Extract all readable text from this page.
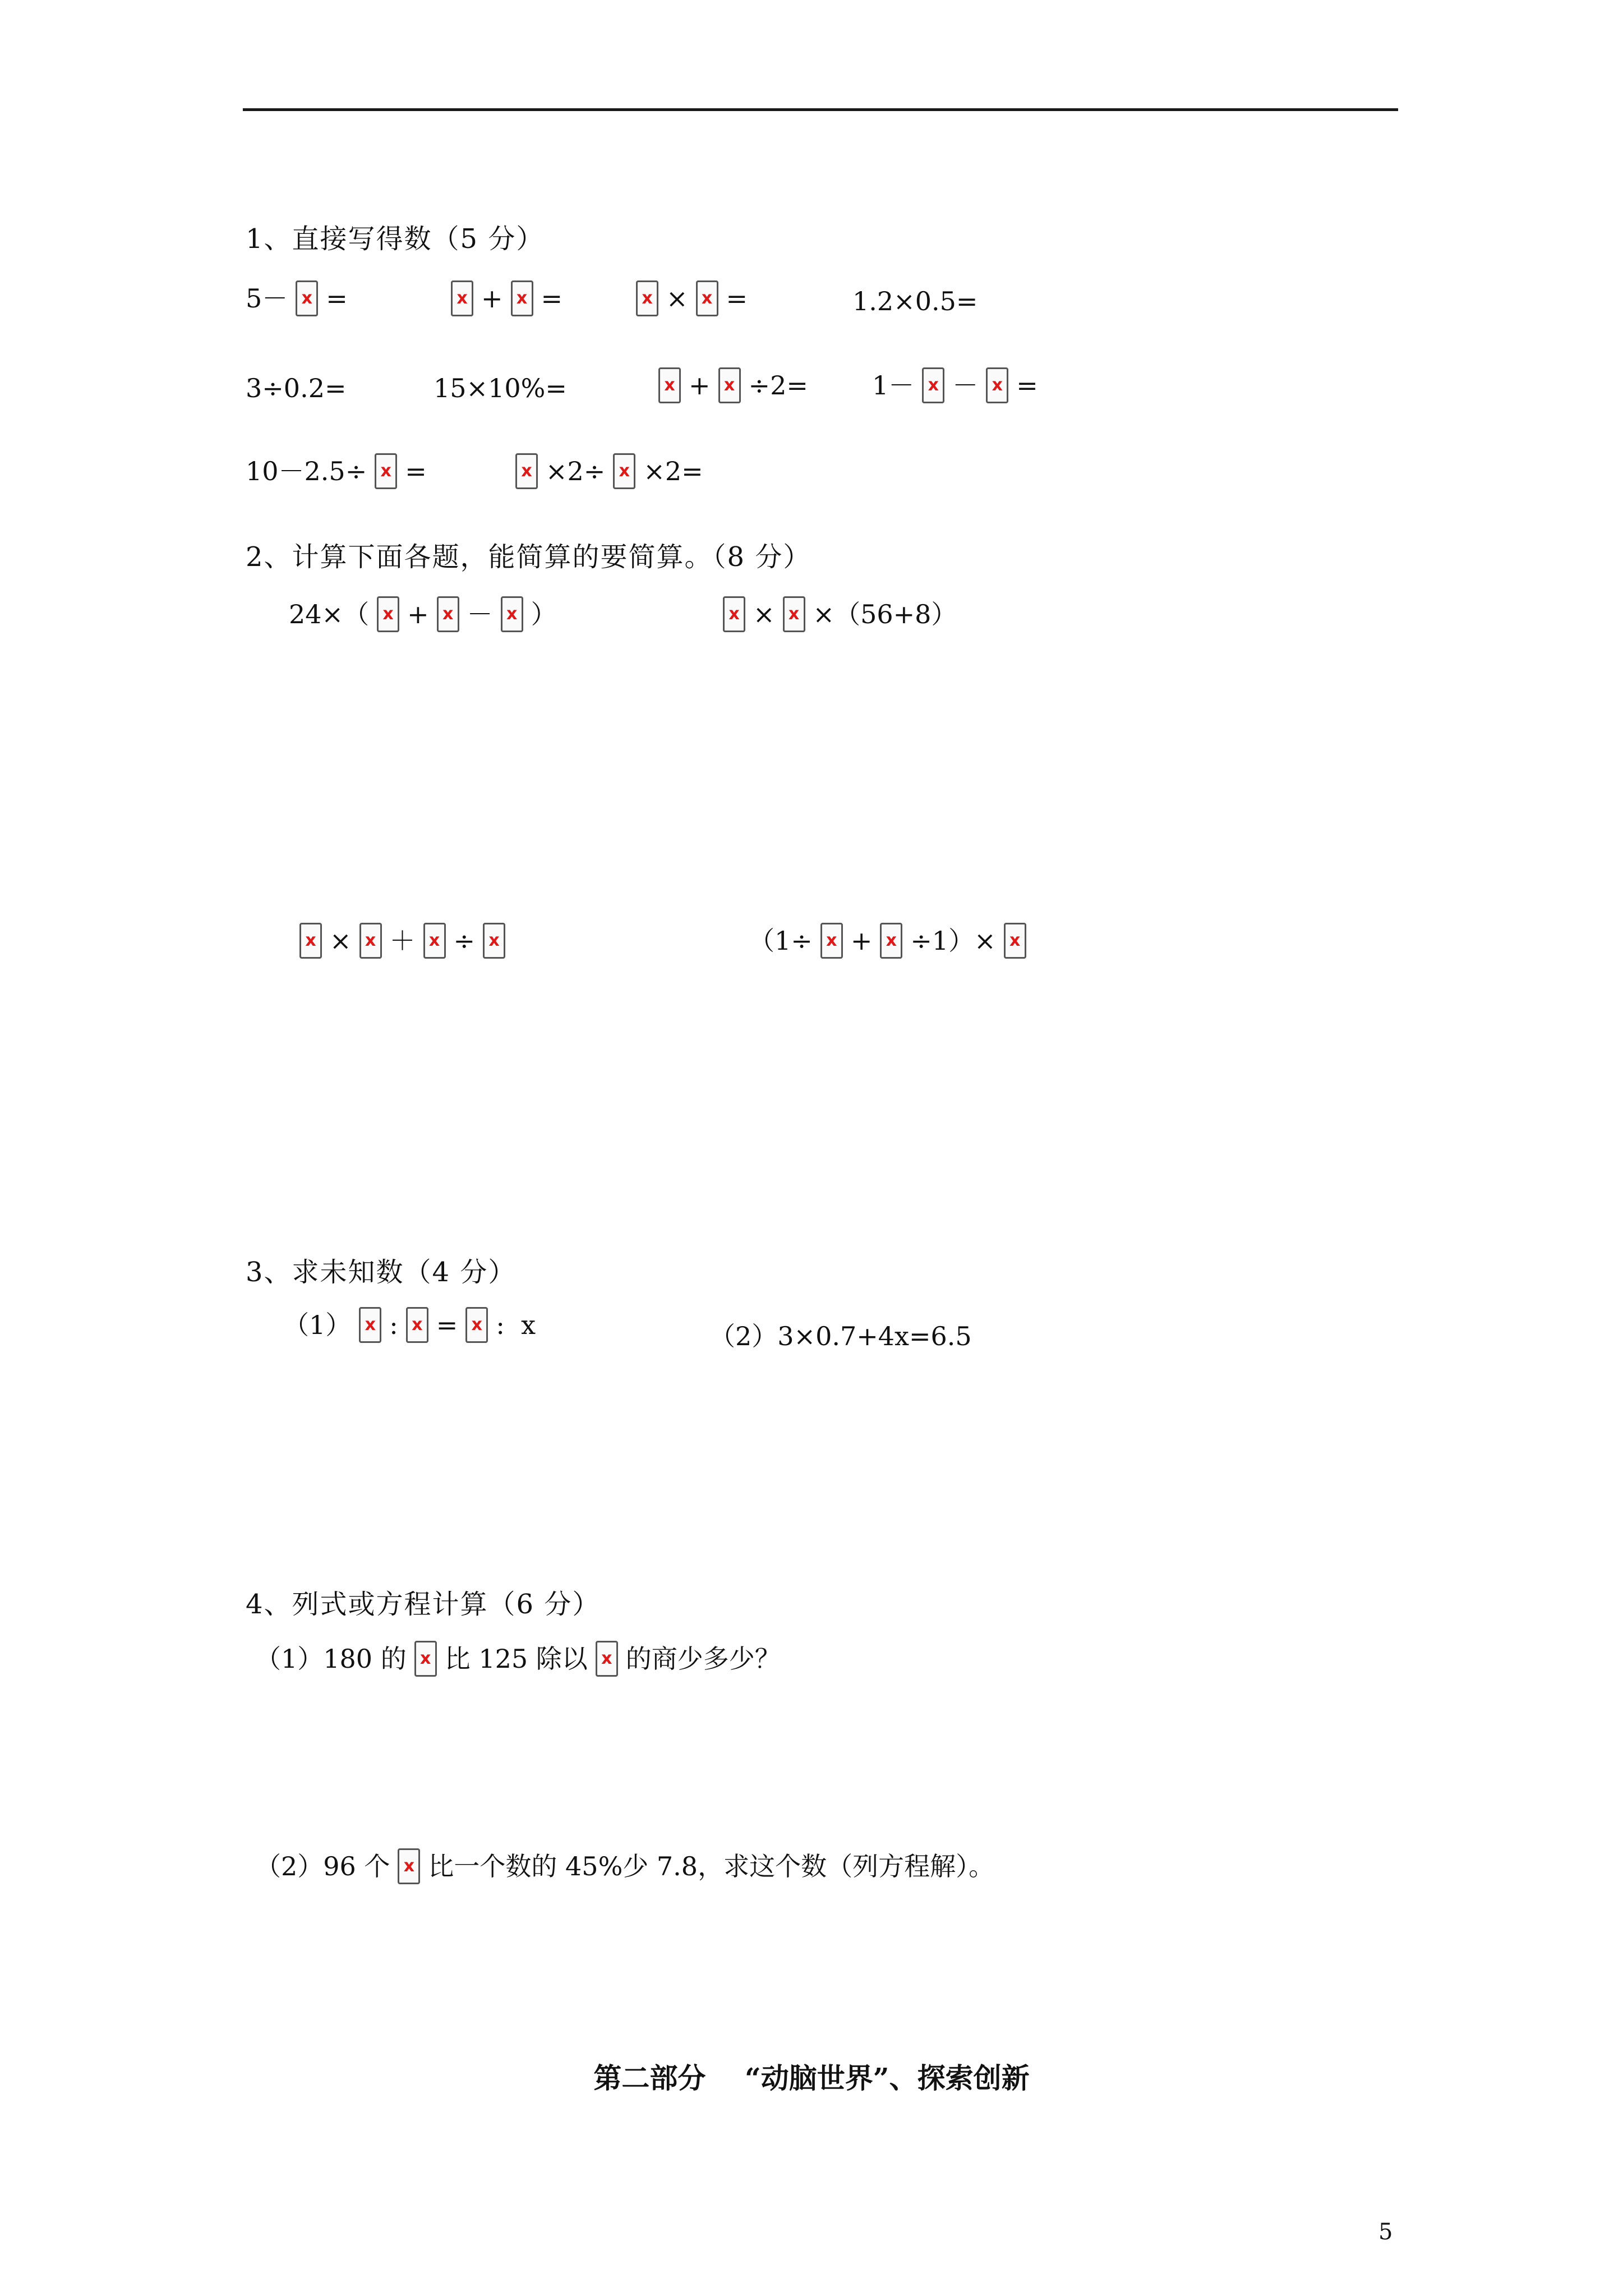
1、直接写得数（5 分）
5－ x = x	+ x = x	× x =	1.2×0.5=
3÷0.2=	15×10%= x	+ x ÷2= 1－ x － x =
10－2.5÷ x = x	×2÷ x ×2=
2、计算下面各题，能简算的要简算。（8 分）
24×（ x + x － x ） x	× x ×（56+8）
x× x ＋ x ÷ x	（1÷ x + x ÷1）×x
3、求未知数（4 分）
（1） x : x = x :  x	（2）3×0.7+4x=6.5
4、列式或方程计算（6 分）
（1）180 的 x 比 125 除以 x 的商少多少？
（2）96 个 x 比一个数的 45%少 7.8，求这个数（列方程解）。
第二部分    “动脑世界”、探索创新
5
